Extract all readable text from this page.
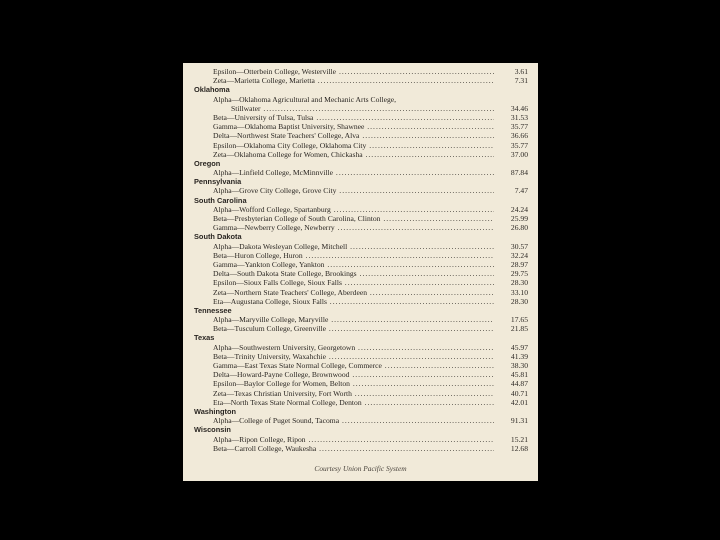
Epsilon—Otterbein College, Westerville .....	3.61
Zeta—Marietta College, Marietta .....	7.31
Oklahoma
Alpha—Oklahoma Agricultural and Mechanic Arts College,
Stillwater .....	34.46
Beta—University of Tulsa, Tulsa .....	31.53
Gamma—Oklahoma Baptist University, Shawnee .....	35.77
Delta—Northwest State Teachers' College, Alva .....	36.66
Epsilon—Oklahoma City College, Oklahoma City .....	35.77
Zeta—Oklahoma College for Women, Chickasha .....	37.00
Oregon
Alpha—Linfield College, McMinnville .....	87.84
Pennsylvania
Alpha—Grove City College, Grove City .....	7.47
South Carolina
Alpha—Wofford College, Spartanburg .....	24.24
Beta—Presbyterian College of South Carolina, Clinton .....	25.99
Gamma—Newberry College, Newberry .....	26.80
South Dakota
Alpha—Dakota Wesleyan College, Mitchell .....	30.57
Beta—Huron College, Huron .....	32.24
Gamma—Yankton College, Yankton .....	28.97
Delta—South Dakota State College, Brookings .....	29.75
Epsilon—Sioux Falls College, Sioux Falls .....	28.30
Zeta—Northern State Teachers' College, Aberdeen .....	33.10
Eta—Augustana College, Sioux Falls .....	28.30
Tennessee
Alpha—Maryville College, Maryville .....	17.65
Beta—Tusculum College, Greenville .....	21.85
Texas
Alpha—Southwestern University, Georgetown .....	45.97
Beta—Trinity University, Waxahchie .....	41.39
Gamma—East Texas State Normal College, Commerce .....	38.30
Delta—Howard-Payne College, Brownwood .....	45.81
Epsilon—Baylor College for Women, Belton .....	44.87
Zeta—Texas Christian University, Fort Worth .....	40.71
Eta—North Texas State Normal College, Denton .....	42.01
Washington
Alpha—College of Puget Sound, Tacoma .....	91.31
Wisconsin
Alpha—Ripon College, Ripon .....	15.21
Beta—Carroll College, Waukesha .....	12.68
Courtesy Union Pacific System
